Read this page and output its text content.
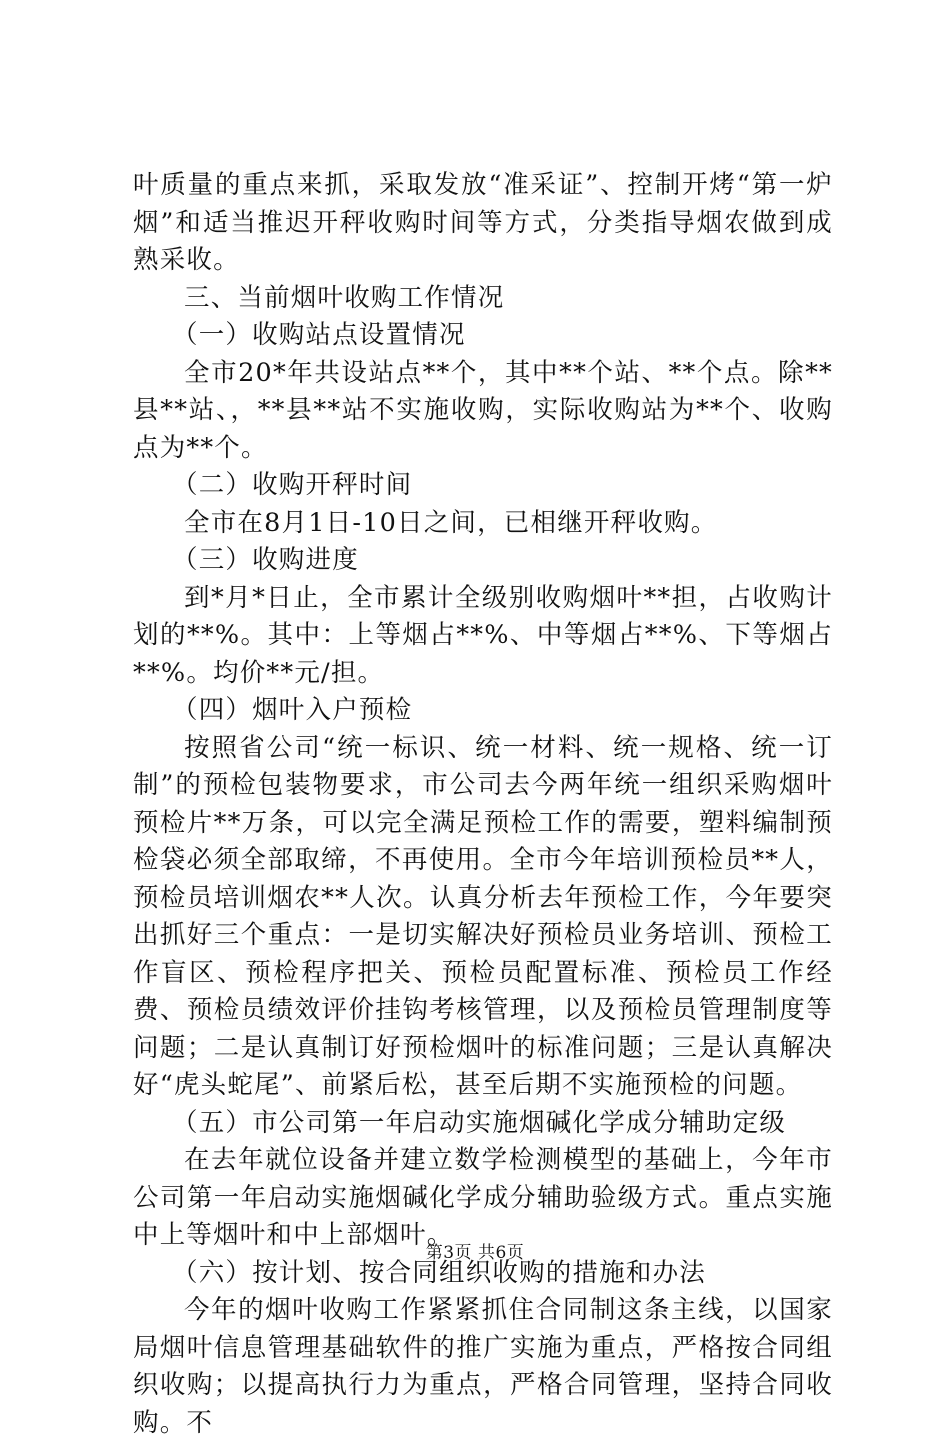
叶质量的重点来抓，采取发放“准采证”、控制开烤“第一炉烟”和适当推迟开秤收购时间等方式，分类指导烟农做到成熟采收。

三、当前烟叶收购工作情况

（一）收购站点设置情况

全市20*年共设站点**个，其中**个站、**个点。除**县**站、，**县**站不实施收购，实际收购站为**个、收购点为**个。

（二）收购开秤时间

全市在8月1日-10日之间，已相继开秤收购。

（三）收购进度

到*月*日止，全市累计全级别收购烟叶**担，占收购计划的**%。其中：上等烟占**%、中等烟占**%、下等烟占**%。均价**元/担。

（四）烟叶入户预检

按照省公司“统一标识、统一材料、统一规格、统一订制”的预检包装物要求，市公司去今两年统一组织采购烟叶预检片**万条，可以完全满足预检工作的需要，塑料编制预检袋必须全部取缔，不再使用。全市今年培训预检员**人，预检员培训烟农**人次。认真分析去年预检工作，今年要突出抓好三个重点：一是切实解决好预检员业务培训、预检工作盲区、预检程序把关、预检员配置标准、预检员工作经费、预检员绩效评价挂钩考核管理，以及预检员管理制度等问题；二是认真制订好预检烟叶的标准问题；三是认真解决好“虎头蛇尾”、前紧后松，甚至后期不实施预检的问题。

（五）市公司第一年启动实施烟碱化学成分辅助定级

在去年就位设备并建立数学检测模型的基础上，今年市公司第一年启动实施烟碱化学成分辅助验级方式。重点实施中上等烟叶和中上部烟叶。

（六）按计划、按合同组织收购的措施和办法

今年的烟叶收购工作紧紧抓住合同制这条主线，以国家局烟叶信息管理基础软件的推广实施为重点，严格按合同组织收购；以提高执行力为重点，严格合同管理，坚持合同收购。不

第3页 共6页
